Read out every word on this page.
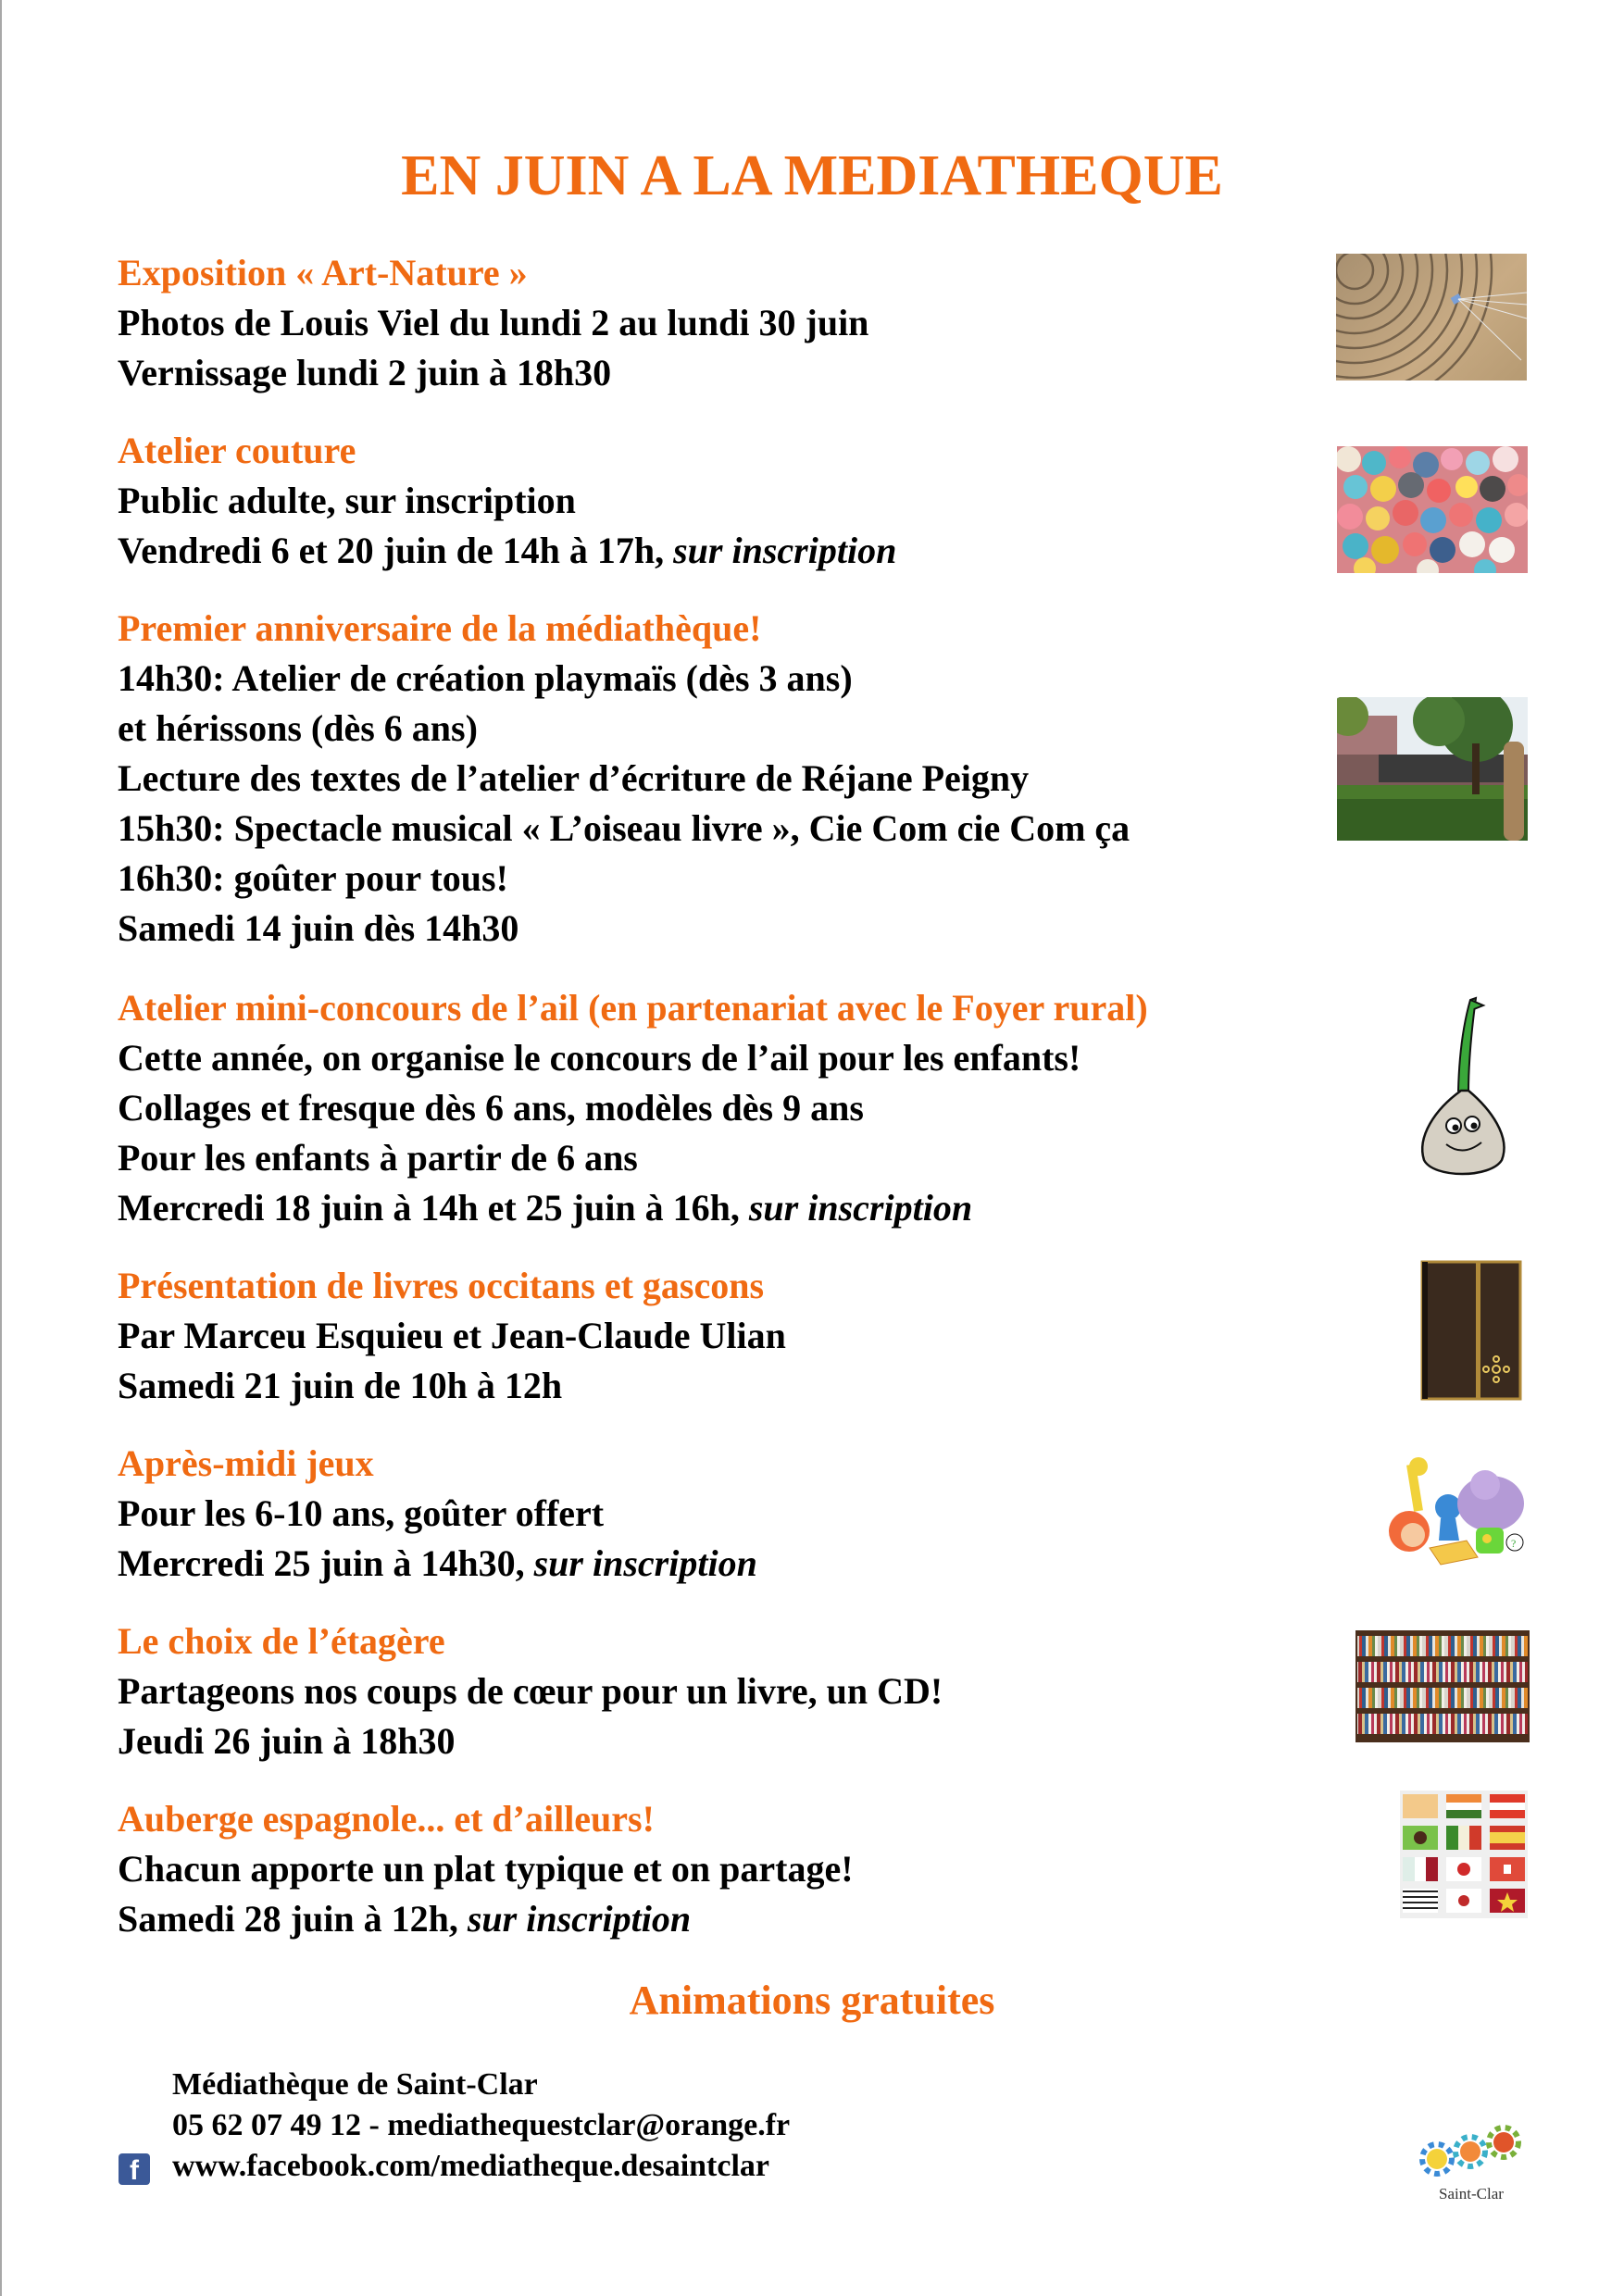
EN JUIN A LA MEDIATHEQUE
Exposition « Art-Nature »
Photos de Louis Viel du lundi 2 au lundi 30 juin
Vernissage lundi 2 juin à 18h30
Atelier couture
Public adulte, sur inscription
Vendredi 6 et 20 juin de 14h à 17h, sur inscription
Premier anniversaire de la médiathèque!
14h30: Atelier de création playmaïs (dès 3 ans)
et hérissons (dès 6 ans)
Lecture des textes de l’atelier d’écriture de Réjane Peigny
15h30: Spectacle musical « L’oiseau livre », Cie Com cie Com ça
16h30: goûter pour tous!
Samedi 14 juin dès 14h30
Atelier mini-concours de l’ail (en partenariat avec le Foyer rural)
Cette année, on organise le concours de l’ail pour les enfants!
Collages et fresque dès 6 ans, modèles dès 9 ans
Pour les enfants à partir de 6 ans
Mercredi 18 juin à 14h et 25 juin à 16h, sur inscription
Présentation de livres occitans et gascons
Par Marceu Esquieu et Jean-Claude Ulian
Samedi 21 juin de 10h à 12h
Après-midi jeux
Pour les 6-10 ans, goûter offert
Mercredi 25 juin à 14h30, sur inscription	?
Le choix de l’étagère
Partageons nos coups de cœur pour un livre, un CD!
Jeudi 26 juin à 18h30
Auberge espagnole... et d’ailleurs!
Chacun apporte un plat typique et on partage!
Samedi 28 juin à 12h, sur inscription
Animations gratuites
Médiathèque de Saint-Clar
05 62 07 49 12 - mediathequestclar@orange.fr
www.facebook.com/mediatheque.desaintclar
f
Saint-Clar
